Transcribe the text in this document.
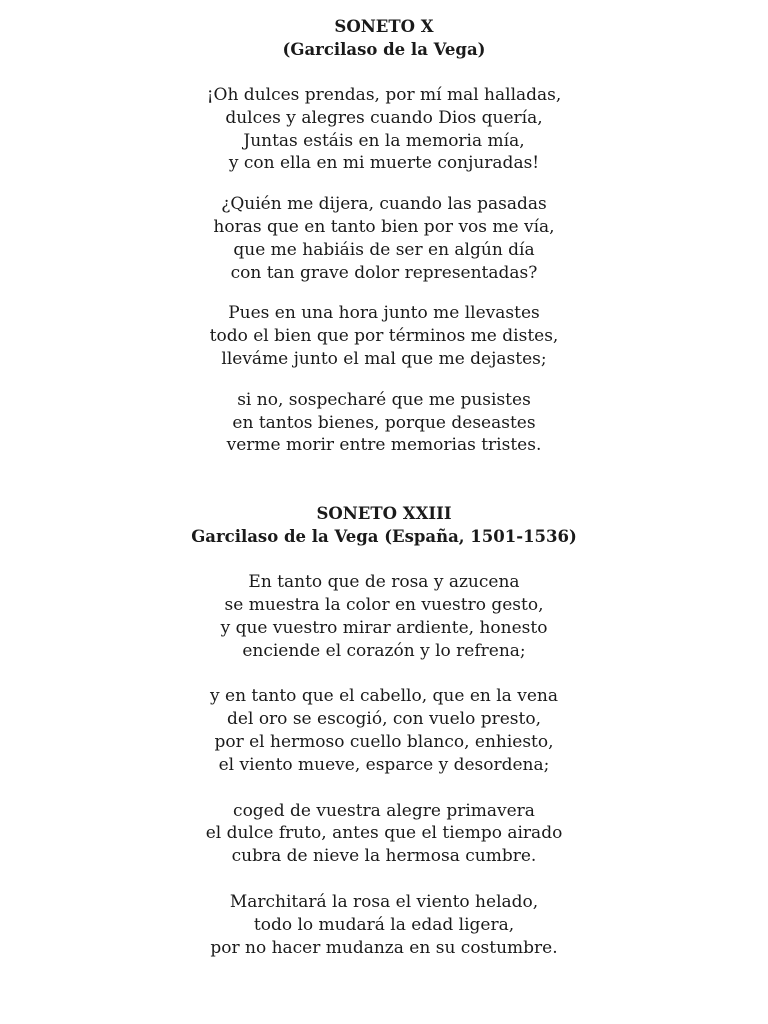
SONETO X
(Garcilaso de la Vega)

¡Oh dulces prendas, por mí mal halladas,
dulces y alegres cuando Dios quería,
Juntas estáis en la memoria mía,
y con ella en mi muerte conjuradas!

¿Quién me dijera, cuando las pasadas
horas que en tanto bien por vos me vía,
que me habiáis de ser en algún día
con tan grave dolor representadas?

Pues en una hora junto me llevastes
todo el bien que por términos me distes,
lleváme junto el mal que me dejastes;

si no, sospecharé que me pusistes
en tantos bienes, porque deseastes
verme morir entre memorias tristes.

SONETO XXIII
Garcilaso de la Vega (España, 1501-1536)

En tanto que de rosa y azucena
se muestra la color en vuestro gesto,
y que vuestro mirar ardiente, honesto
enciende el corazón y lo refrena;

y en tanto que el cabello, que en la vena
del oro se escogió, con vuelo presto,
por el hermoso cuello blanco, enhiesto,
el viento mueve, esparce y desordena;

coged de vuestra alegre primavera
el dulce fruto, antes que el tiempo airado
cubra de nieve la hermosa cumbre.

Marchitará la rosa el viento helado,
todo lo mudará la edad ligera,
por no hacer mudanza en su costumbre.
